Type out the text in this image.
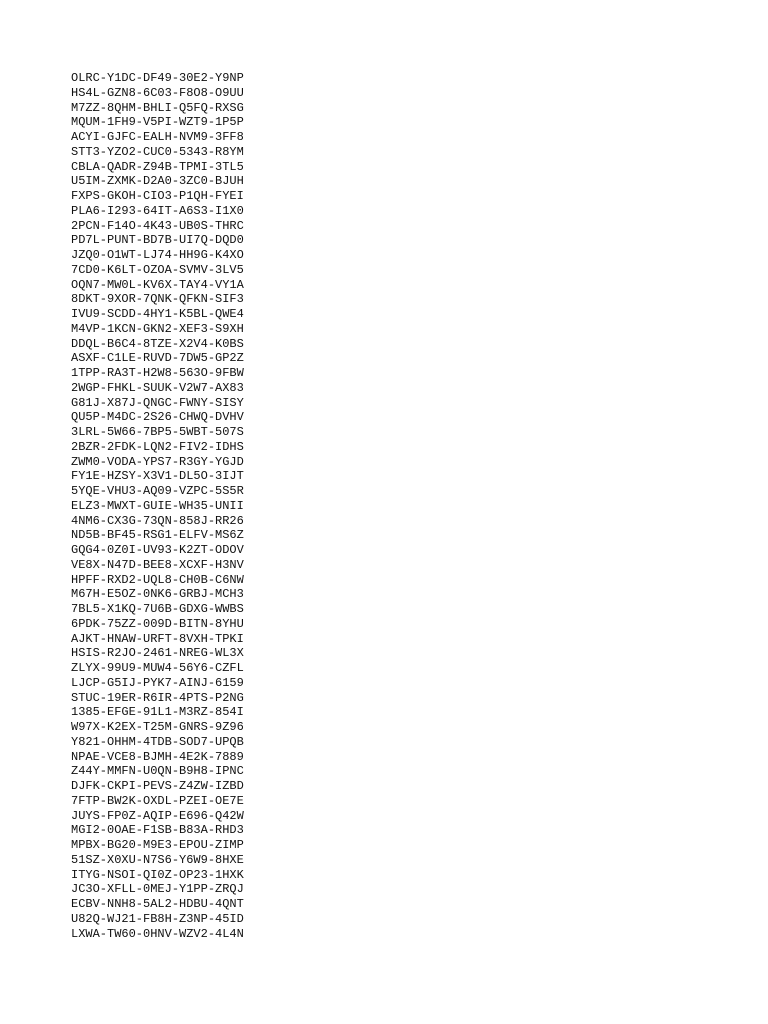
OLRC-Y1DC-DF49-30E2-Y9NP
HS4L-GZN8-6C03-F8O8-O9UU
M7ZZ-8QHM-BHLI-Q5FQ-RXSG
MQUM-1FH9-V5PI-WZT9-1P5P
ACYI-GJFC-EALH-NVM9-3FF8
STT3-YZO2-CUC0-5343-R8YM
CBLA-QADR-Z94B-TPMI-3TL5
U5IM-ZXMK-D2A0-3ZC0-BJUH
FXPS-GKOH-CIO3-P1QH-FYEI
PLA6-I293-64IT-A6S3-I1X0
2PCN-F14O-4K43-UB0S-THRC
PD7L-PUNT-BD7B-UI7Q-DQD0
JZQ0-O1WT-LJ74-HH9G-K4XO
7CD0-K6LT-OZOA-SVMV-3LV5
OQN7-MW0L-KV6X-TAY4-VY1A
8DKT-9XOR-7QNK-QFKN-SIF3
IVU9-SCDD-4HY1-K5BL-QWE4
M4VP-1KCN-GKN2-XEF3-S9XH
DDQL-B6C4-8TZE-X2V4-K0BS
ASXF-C1LE-RUVD-7DW5-GP2Z
1TPP-RA3T-H2W8-563O-9FBW
2WGP-FHKL-SUUK-V2W7-AX83
G81J-X87J-QNGC-FWNY-SISY
QU5P-M4DC-2S26-CHWQ-DVHV
3LRL-5W66-7BP5-5WBT-507S
2BZR-2FDK-LQN2-FIV2-IDHS
ZWM0-VODA-YPS7-R3GY-YGJD
FY1E-HZSY-X3V1-DL5O-3IJT
5YQE-VHU3-AQ09-VZPC-5S5R
ELZ3-MWXT-GUIE-WH35-UNII
4NM6-CX3G-73QN-858J-RR26
ND5B-BF45-RSG1-ELFV-MS6Z
GQG4-0Z0I-UV93-K2ZT-ODOV
VE8X-N47D-BEE8-XCXF-H3NV
HPFF-RXD2-UQL8-CH0B-C6NW
M67H-E5OZ-0NK6-GRBJ-MCH3
7BL5-X1KQ-7U6B-GDXG-WWBS
6PDK-75ZZ-009D-BITN-8YHU
AJKT-HNAW-URFT-8VXH-TPKI
HSIS-R2JO-2461-NREG-WL3X
ZLYX-99U9-MUW4-56Y6-CZFL
LJCP-G5IJ-PYK7-AINJ-6159
STUC-19ER-R6IR-4PTS-P2NG
1385-EFGE-91L1-M3RZ-854I
W97X-K2EX-T25M-GNRS-9Z96
Y821-OHHM-4TDB-SOD7-UPQB
NPAE-VCE8-BJMH-4E2K-7889
Z44Y-MMFN-U0QN-B9H8-IPNC
DJFK-CKPI-PEVS-Z4ZW-IZBD
7FTP-BW2K-OXDL-PZEI-OE7E
JUYS-FP0Z-AQIP-E696-Q42W
MGI2-0OAE-F1SB-B83A-RHD3
MPBX-BG20-M9E3-EPOU-ZIMP
51SZ-X0XU-N7S6-Y6W9-8HXE
ITYG-NSOI-QI0Z-OP23-1HXK
JC3O-XFLL-0MEJ-Y1PP-ZRQJ
ECBV-NNH8-5AL2-HDBU-4QNT
U82Q-WJ21-FB8H-Z3NP-45ID
LXWA-TW60-0HNV-WZV2-4L4N
